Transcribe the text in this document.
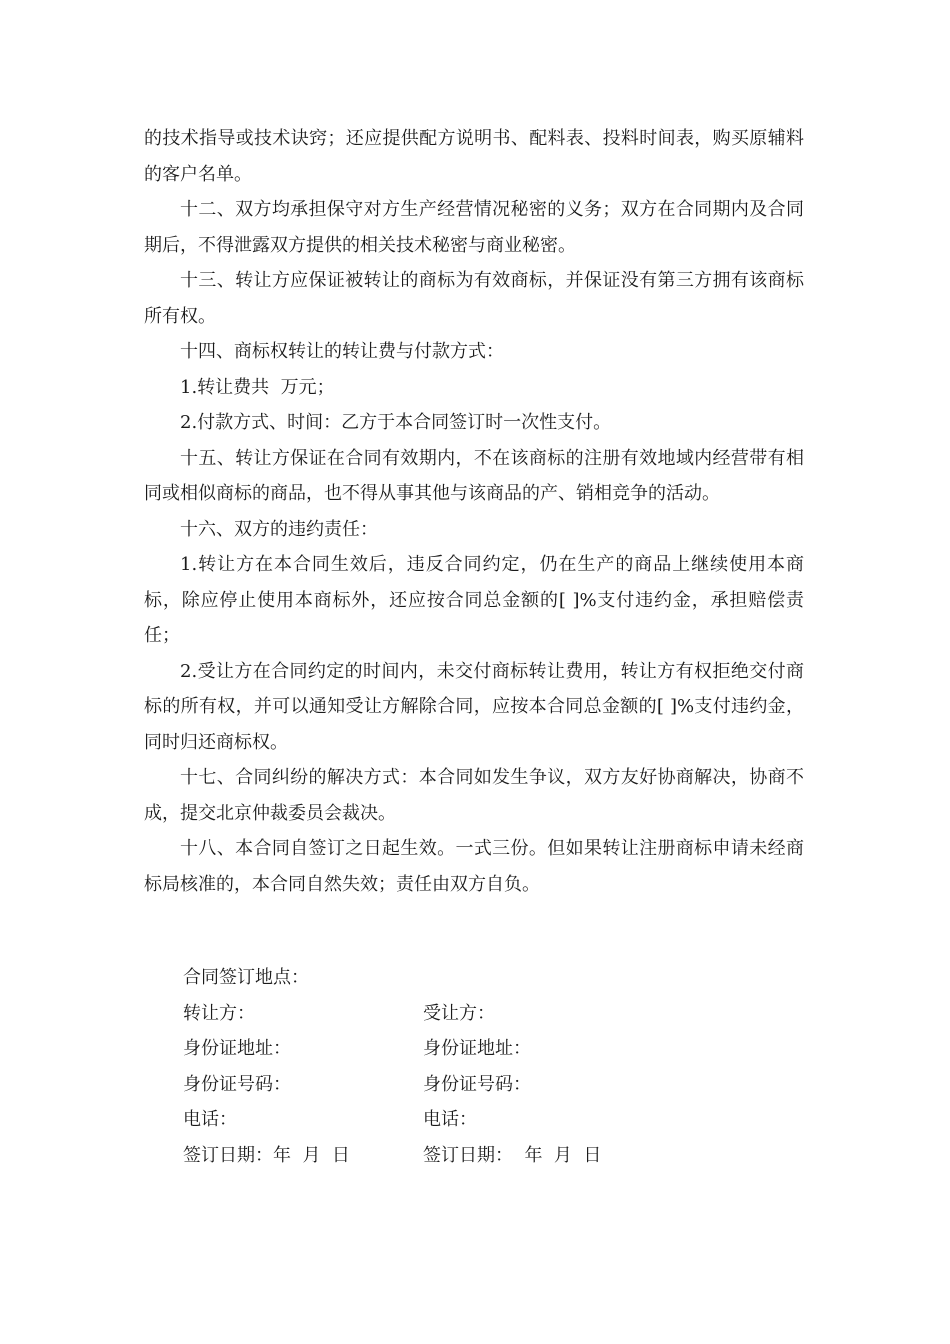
的技术指导或技术诀窍；还应提供配方说明书、配料表、投料时间表，购买原辅料的客户名单。

十二、双方均承担保守对方生产经营情况秘密的义务；双方在合同期内及合同期后，不得泄露双方提供的相关技术秘密与商业秘密。

十三、转让方应保证被转让的商标为有效商标，并保证没有第三方拥有该商标所有权。

十四、商标权转让的转让费与付款方式：

1.转让费共  万元；

2.付款方式、时间：乙方于本合同签订时一次性支付。

十五、转让方保证在合同有效期内，不在该商标的注册有效地域内经营带有相同或相似商标的商品，也不得从事其他与该商品的产、销相竞争的活动。

十六、双方的违约责任：

1.转让方在本合同生效后，违反合同约定，仍在生产的商品上继续使用本商标，除应停止使用本商标外，还应按合同总金额的[ ]%支付违约金，承担赔偿责任；

2.受让方在合同约定的时间内，未交付商标转让费用，转让方有权拒绝交付商标的所有权，并可以通知受让方解除合同，应按本合同总金额的[ ]%支付违约金，同时归还商标权。

十七、合同纠纷的解决方式：本合同如发生争议，双方友好协商解决，协商不成，提交北京仲裁委员会裁决。

十八、本合同自签订之日起生效。一式三份。但如果转让注册商标申请未经商标局核准的，本合同自然失效；责任由双方自负。

合同签订地点：
转让方：	受让方：
身份证地址：	身份证地址：
身份证号码：	身份证号码：
电话：	电话：
签订日期：年  月  日	签订日期：  年  月  日
